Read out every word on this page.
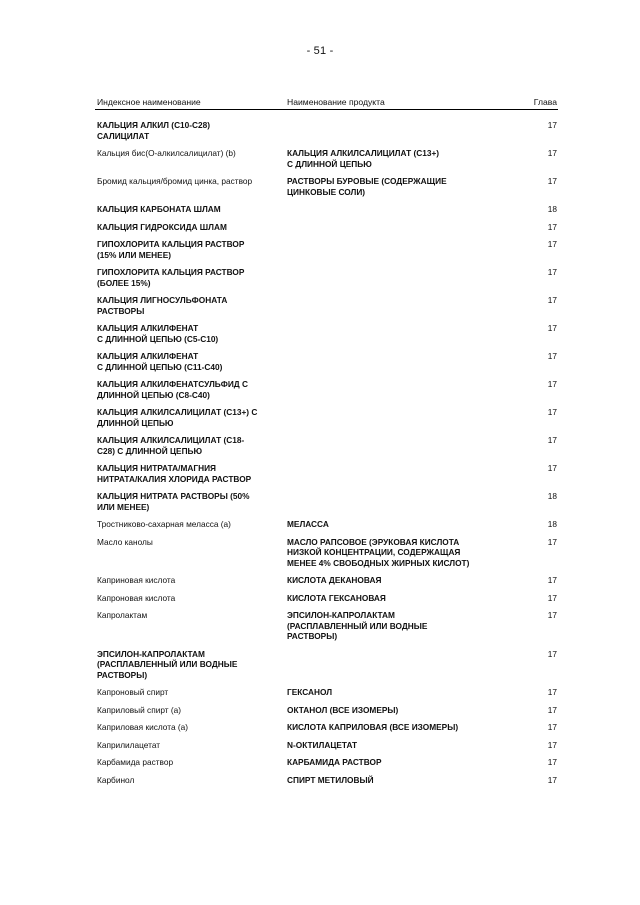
- 51 -
Индексное наименование	Наименование продукта	Глава
КАЛЬЦИЯ АЛКИЛ (C10-C28)
САЛИЦИЛАТ		17
Кальция бис(О-алкилсалицилат) (b)	КАЛЬЦИЯ АЛКИЛСАЛИЦИЛАТ (C13+)
С ДЛИННОЙ ЦЕПЬЮ	17
Бромид кальция/бромид цинка, раствор	РАСТВОРЫ БУРОВЫЕ (СОДЕРЖАЩИЕ
ЦИНКОВЫЕ СОЛИ)	17
КАЛЬЦИЯ КАРБОНАТА ШЛАМ		18
КАЛЬЦИЯ ГИДРОКСИДА ШЛАМ		17
ГИПОХЛОРИТА КАЛЬЦИЯ РАСТВОР
(15% ИЛИ МЕНЕЕ)		17
ГИПОХЛОРИТА КАЛЬЦИЯ РАСТВОР
(БОЛЕЕ 15%)		17
КАЛЬЦИЯ ЛИГНОСУЛЬФОНАТА
РАСТВОРЫ		17
КАЛЬЦИЯ АЛКИЛФЕНАТ
С ДЛИННОЙ ЦЕПЬЮ (C5-C10)		17
КАЛЬЦИЯ АЛКИЛФЕНАТ
С ДЛИННОЙ ЦЕПЬЮ (C11-C40)		17
КАЛЬЦИЯ АЛКИЛФЕНАТСУЛЬФИД С
ДЛИННОЙ ЦЕПЬЮ (C8-C40)		17
КАЛЬЦИЯ АЛКИЛСАЛИЦИЛАТ (C13+) С
ДЛИННОЙ ЦЕПЬЮ		17
КАЛЬЦИЯ АЛКИЛСАЛИЦИЛАТ (C18-
C28) С ДЛИННОЙ ЦЕПЬЮ		17
КАЛЬЦИЯ НИТРАТА/МАГНИЯ
НИТРАТА/КАЛИЯ ХЛОРИДА РАСТВОР		17
КАЛЬЦИЯ НИТРАТА РАСТВОРЫ (50%
ИЛИ МЕНЕЕ)		18
Тростниково-сахарная меласса (a)	МЕЛАССА	18
Масло канолы	МАСЛО РАПСОВОЕ (ЭРУКОВАЯ КИСЛОТА
НИЗКОЙ КОНЦЕНТРАЦИИ, СОДЕРЖАЩАЯ
МЕНЕЕ 4% СВОБОДНЫХ ЖИРНЫХ КИСЛОТ)	17
Каприновая кислота	КИСЛОТА ДЕКАНОВАЯ	17
Капроновая кислота	КИСЛОТА ГЕКСАНОВАЯ	17
Капролактам	ЭПСИЛОН-КАПРОЛАКТАМ
(РАСПЛАВЛЕННЫЙ ИЛИ ВОДНЫЕ
РАСТВОРЫ)	17
ЭПСИЛОН-КАПРОЛАКТАМ
(РАСПЛАВЛЕННЫЙ ИЛИ ВОДНЫЕ
РАСТВОРЫ)		17
Капроновый спирт	ГЕКСАНОЛ	17
Каприловый спирт (a)	ОКТАНОЛ (ВСЕ ИЗОМЕРЫ)	17
Каприловая кислота (a)	КИСЛОТА КАПРИЛОВАЯ (ВСЕ ИЗОМЕРЫ)	17
Каприлилацетат	N-ОКТИЛАЦЕТАТ	17
Карбамида раствор	КАРБАМИДА РАСТВОР	17
Карбинол	СПИРТ МЕТИЛОВЫЙ	17
